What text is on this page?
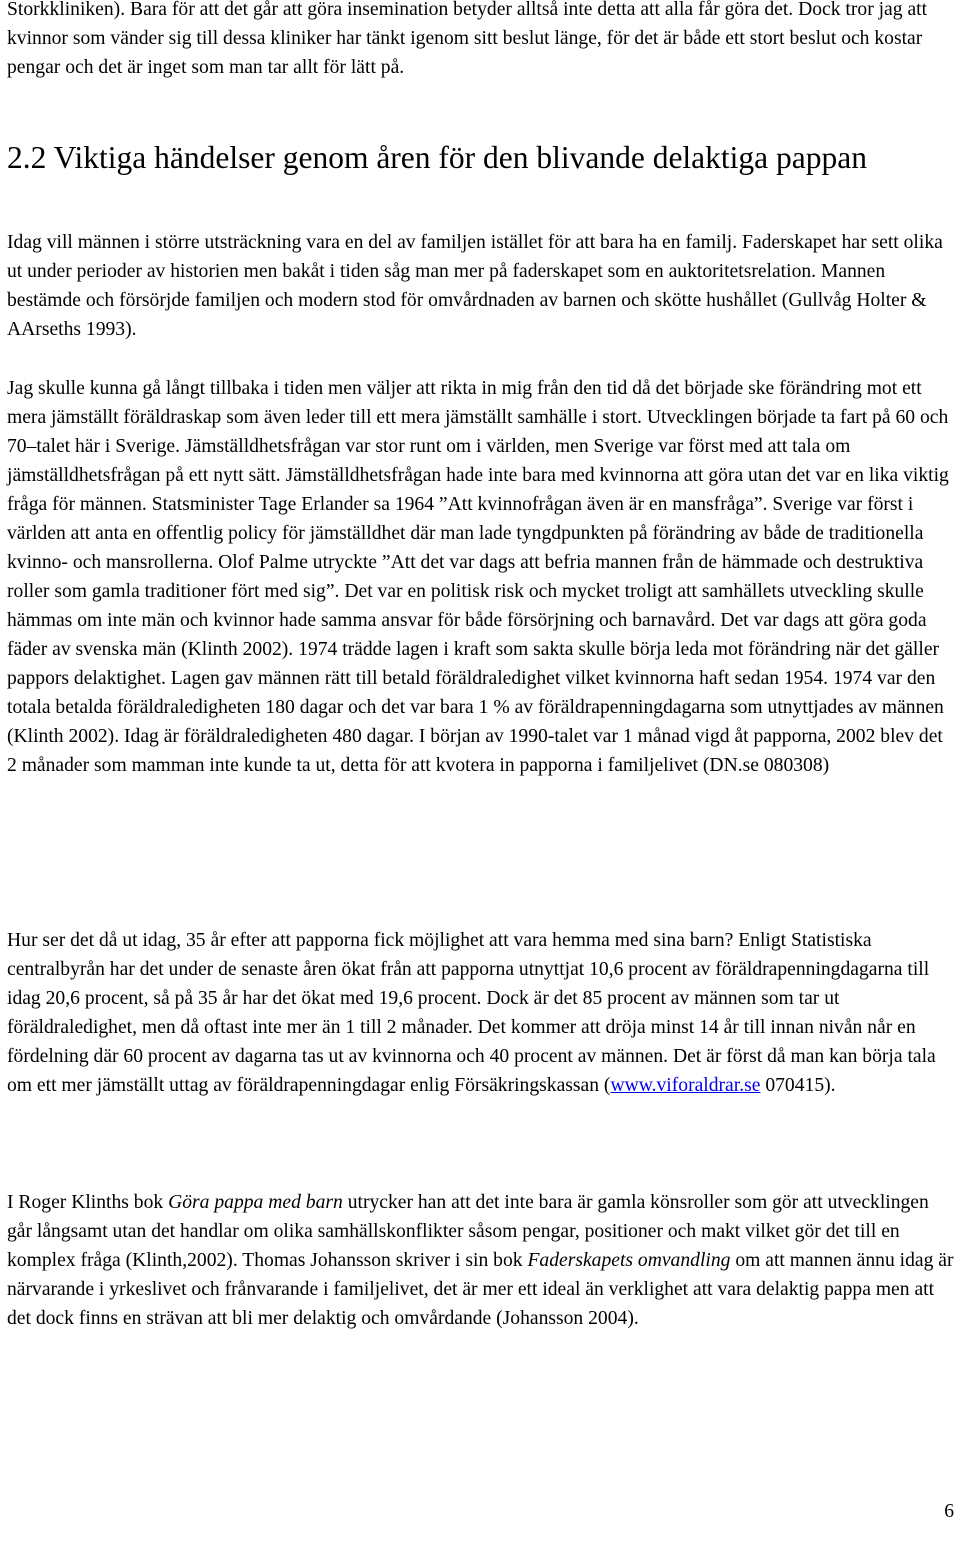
Storkkliniken). Bara för att det går att göra insemination betyder alltså inte detta att alla får göra det. Dock tror jag att kvinnor som vänder sig till dessa kliniker har tänkt igenom sitt beslut länge, för det är både ett stort beslut och kostar pengar och det är inget som man tar allt för lätt på.

2.2 Viktiga händelser genom åren för den blivande delaktiga pappan

Idag vill männen i större utsträckning vara en del av familjen istället för att bara ha en familj. Faderskapet har sett olika ut under perioder av historien men bakåt i tiden såg man mer på faderskapet som en auktoritetsrelation. Mannen bestämde och försörjde familjen och modern stod för omvårdnaden av barnen och skötte hushållet (Gullvåg Holter & AArseths 1993).

Jag skulle kunna gå långt tillbaka i tiden men väljer att rikta in mig från den tid då det började ske förändring mot ett mera jämställt föräldraskap som även leder till ett mera jämställt samhälle i stort. Utvecklingen började ta fart på 60 och 70–talet här i Sverige. Jämställdhetsfrågan var stor runt om i världen, men Sverige var först med att tala om jämställdhetsfrågan på ett nytt sätt. Jämställdhetsfrågan hade inte bara med kvinnorna att göra utan det var en lika viktig fråga för männen. Statsminister Tage Erlander sa 1964 ”Att kvinnofrågan även är en mansfråga”. Sverige var först i världen att anta en offentlig policy för jämställdhet där man lade tyngdpunkten på förändring av både de traditionella kvinno- och mansrollerna. Olof Palme utryckte ”Att det var dags att befria mannen från de hämmade och destruktiva roller som gamla traditioner fört med sig”. Det var en politisk risk och mycket troligt att samhällets utveckling skulle hämmas om inte män och kvinnor hade samma ansvar för både försörjning och barnavård. Det var dags att göra goda fäder av svenska män (Klinth 2002). 1974 trädde lagen i kraft som sakta skulle börja leda mot förändring när det gäller pappors delaktighet. Lagen gav männen rätt till betald föräldraledighet vilket kvinnorna haft sedan 1954. 1974 var den totala betalda föräldraledigheten 180 dagar och det var bara 1 % av föräldrapenningdagarna som utnyttjades av männen (Klinth 2002). Idag är föräldraledigheten 480 dagar. I början av 1990-talet var 1 månad vigd åt papporna, 2002 blev det 2 månader som mamman inte kunde ta ut, detta för att kvotera in papporna i familjelivet (DN.se 080308)

Hur ser det då ut idag, 35 år efter att papporna fick möjlighet att vara hemma med sina barn? Enligt Statistiska centralbyrån har det under de senaste åren ökat från att papporna utnyttjat 10,6 procent av föräldrapenningdagarna till idag 20,6 procent, så på 35 år har det ökat med 19,6 procent. Dock är det 85 procent av männen som tar ut föräldraledighet, men då oftast inte mer än 1 till 2 månader. Det kommer att dröja minst 14 år till innan nivån når en fördelning där 60 procent av dagarna tas ut av kvinnorna och 40 procent av männen. Det är först då man kan börja tala om ett mer jämställt uttag av föräldrapenningdagar enlig Försäkringskassan (www.viforaldrar.se 070415).

I Roger Klinths bok Göra pappa med barn utrycker han att det inte bara är gamla könsroller som gör att utvecklingen går långsamt utan det handlar om olika samhällskonflikter såsom pengar, positioner och makt vilket gör det till en komplex fråga (Klinth,2002). Thomas Johansson skriver i sin bok Faderskapets omvandling om att mannen ännu idag är närvarande i yrkeslivet och frånvarande i familjelivet, det är mer ett ideal än verklighet att vara delaktig pappa men att det dock finns en strävan att bli mer delaktig och omvårdande (Johansson 2004).

6
